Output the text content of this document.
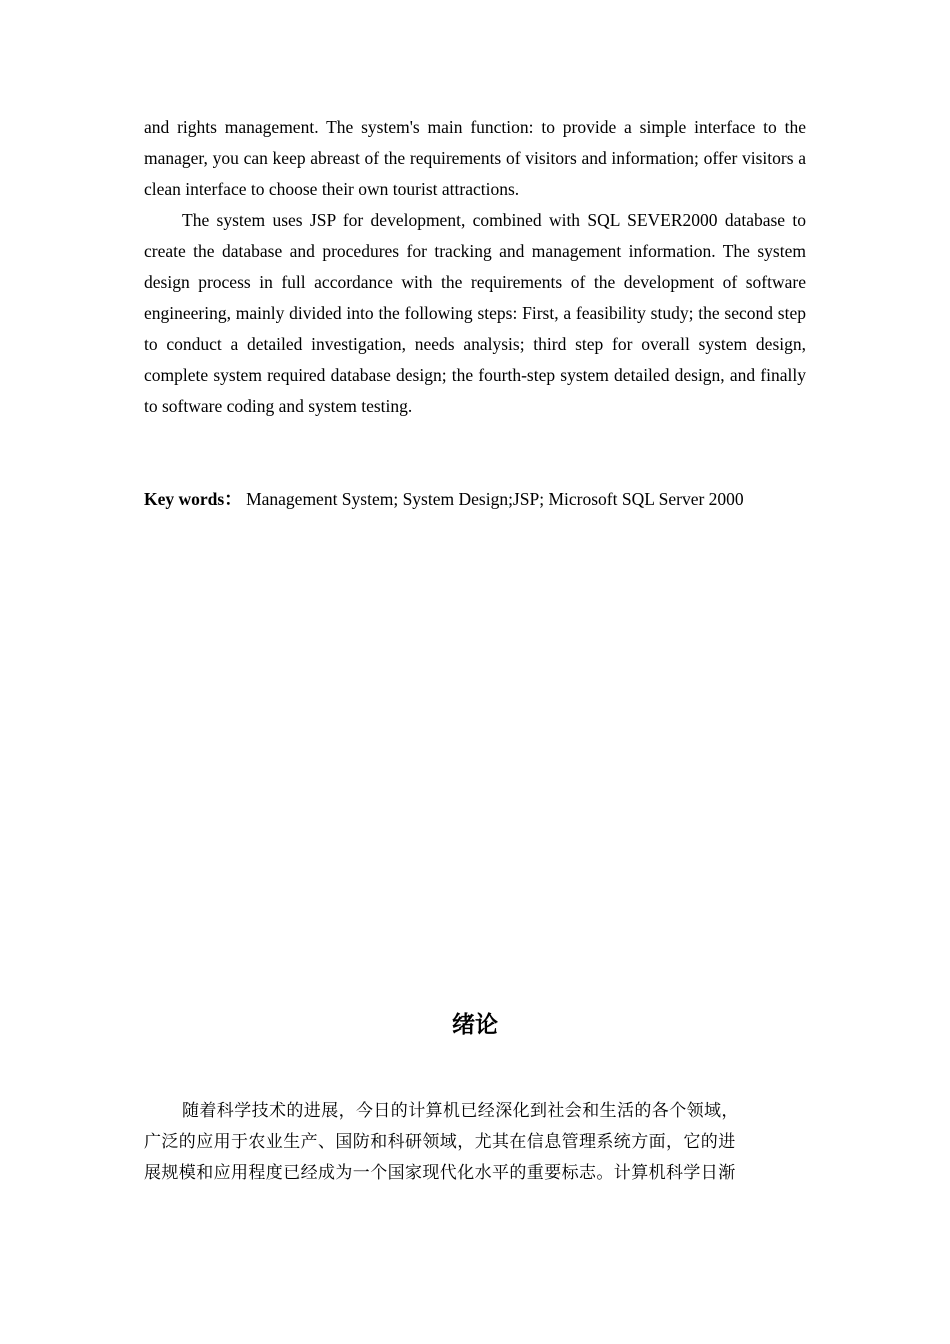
and rights management. The system's main function: to provide a simple interface to the manager, you can keep abreast of the requirements of visitors and information; offer visitors a clean interface to choose their own tourist attractions.

The system uses JSP for development, combined with SQL SEVER2000 database to create the database and procedures for tracking and management information. The system design process in full accordance with the requirements of the development of software engineering, mainly divided into the following steps: First, a feasibility study; the second step to conduct a detailed investigation, needs analysis; third step for overall system design, complete system required database design; the fourth-step system detailed design, and finally to software coding and system testing.

Key words： Management System; System Design;JSP; Microsoft SQL Server 2000
绪论
随着科学技术的进展，今日的计算机已经深化到社会和生活的各个领域，
广泛的应用于农业生产、国防和科研领域，尤其在信息管理系统方面，它的进
展规模和应用程度已经成为一个国家现代化水平的重要标志。计算机科学日渐
